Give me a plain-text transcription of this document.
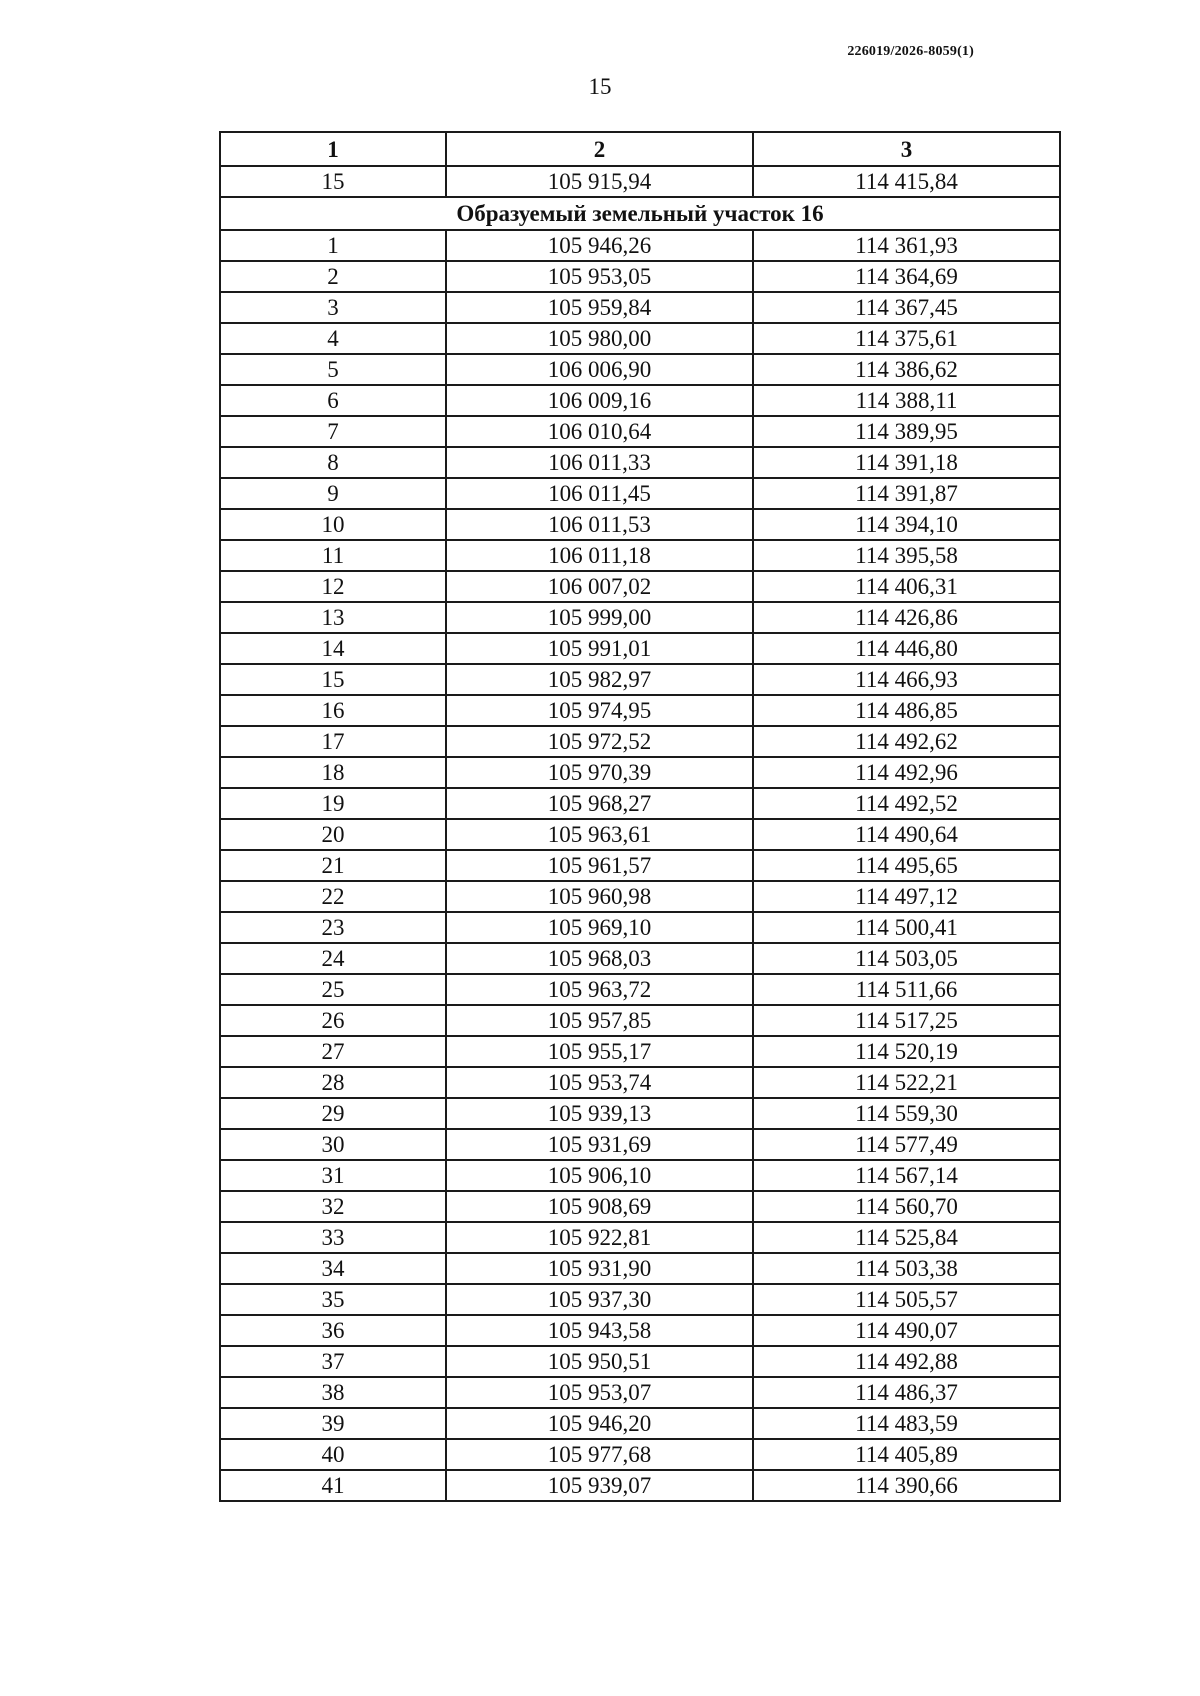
226019/2026-8059(1)
15
1	2	3
15	105 915,94	114 415,84
Образуемый земельный участок 16		
1	105 946,26	114 361,93
2	105 953,05	114 364,69
3	105 959,84	114 367,45
4	105 980,00	114 375,61
5	106 006,90	114 386,62
6	106 009,16	114 388,11
7	106 010,64	114 389,95
8	106 011,33	114 391,18
9	106 011,45	114 391,87
10	106 011,53	114 394,10
11	106 011,18	114 395,58
12	106 007,02	114 406,31
13	105 999,00	114 426,86
14	105 991,01	114 446,80
15	105 982,97	114 466,93
16	105 974,95	114 486,85
17	105 972,52	114 492,62
18	105 970,39	114 492,96
19	105 968,27	114 492,52
20	105 963,61	114 490,64
21	105 961,57	114 495,65
22	105 960,98	114 497,12
23	105 969,10	114 500,41
24	105 968,03	114 503,05
25	105 963,72	114 511,66
26	105 957,85	114 517,25
27	105 955,17	114 520,19
28	105 953,74	114 522,21
29	105 939,13	114 559,30
30	105 931,69	114 577,49
31	105 906,10	114 567,14
32	105 908,69	114 560,70
33	105 922,81	114 525,84
34	105 931,90	114 503,38
35	105 937,30	114 505,57
36	105 943,58	114 490,07
37	105 950,51	114 492,88
38	105 953,07	114 486,37
39	105 946,20	114 483,59
40	105 977,68	114 405,89
41	105 939,07	114 390,66
